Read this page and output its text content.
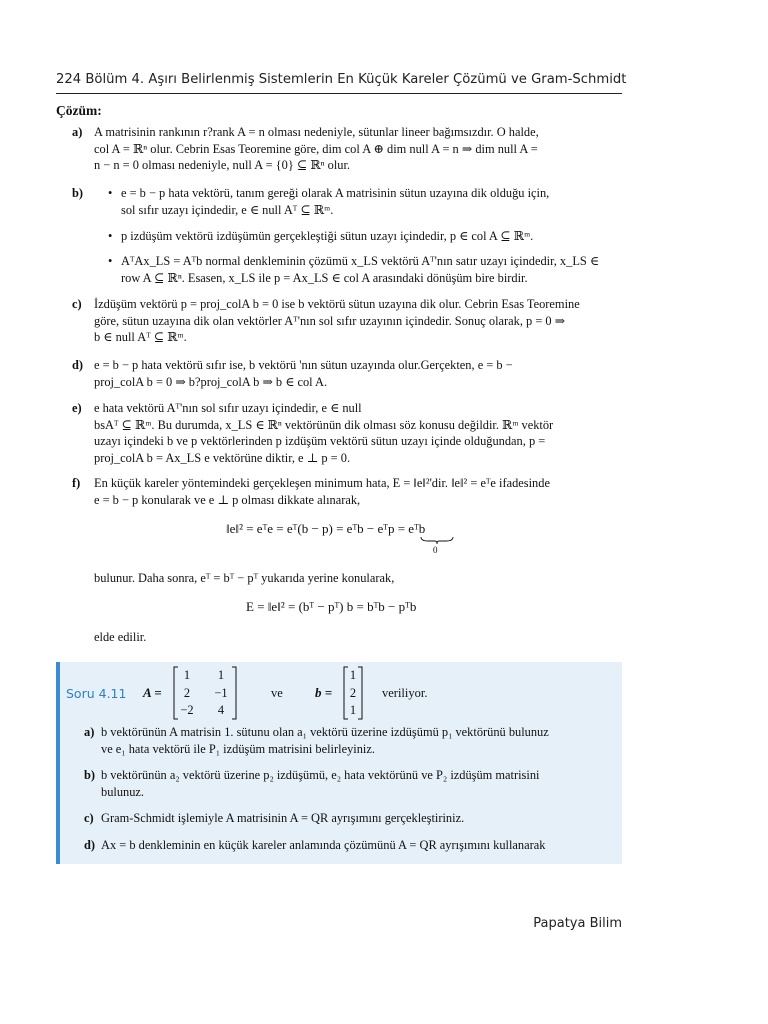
224 Bölüm 4. Aşırı Belirlenmiş Sistemlerin En Küçük Kareler Çözümü ve Gram-Schmidt
Çözüm:
a) A matrisinin rankının r?rank A = n olması nedeniyle, sütunlar lineer bağımsızdır. O halde,
col A = ℝⁿ olur. Cebrin Esas Teoremine göre, dim col A ⊕ dim null A = n ⇒ dim null A =
n − n = 0 olması nedeniyle, null A = {0} ⊆ ℝⁿ olur.
b) • e = b − p hata vektörü, tanım gereği olarak A matrisinin sütun uzayına dik olduğu için,
sol sıfır uzayı içindedir, e ∈ null Aᵀ ⊆ ℝᵐ.
• p izdüşüm vektörü izdüşümün gerçekleştiği sütun uzayı içindedir, p ∈ col A ⊆ ℝᵐ.
• AᵀAx_LS = Aᵀb normal denkleminin çözümü x_LS vektörü Aᵀ'nın satır uzayı içindedir, x_LS ∈
row A ⊆ ℝⁿ. Esasen, x_LS ile p = Ax_LS ∈ col A arasındaki dönüşüm bire birdir.
c) İzdüşüm vektörü p = proj_colA b = 0 ise b vektörü sütun uzayına dik olur. Cebrin Esas Teoremine
göre, sütun uzayına dik olan vektörler Aᵀ'nın sol sıfır uzayının içindedir. Sonuç olarak, p = 0 ⇒
b ∈ null Aᵀ ⊆ ℝᵐ.
d) e = b − p hata vektörü sıfır ise, b vektörü 'nın sütun uzayında olur.Gerçekten, e = b −
proj_colA b = 0 ⇒ b?proj_colA b ⇒ b ∈ col A.
e) e hata vektörü Aᵀ'nın sol sıfır uzayı içindedir, e ∈ null
bsAᵀ ⊆ ℝᵐ. Bu durumda, x_LS ∈ ℝⁿ vektörünün dik olması söz konusu değildir. ℝᵐ vektör
uzayı içindeki b ve p vektörlerinden p izdüşüm vektörü sütun uzayı içinde olduğundan, p =
proj_colA b = Ax_LS e vektörüne diktir, e ⊥ p = 0.
f) En küçük kareler yöntemindeki gerçekleşen minimum hata, E = ‖e‖²'dir. ‖e‖² = eᵀe ifadesinde
e = b − p konularak ve e ⊥ p olması dikkate alınarak,
‖e‖² = eᵀe = eᵀ(b − p) = eᵀb − eᵀp = eᵀb
0
bulunur. Daha sonra, eᵀ = bᵀ − pᵀ yukarıda yerine konularak,
E = ‖e‖² = (bᵀ − pᵀ) b = bᵀb − pᵀb
elde edilir.
Soru 4.11 A =
1	1
2	−1
−2	4
ve b =
1
2
1
veriliyor.
a) b vektörünün A matrisin 1. sütunu olan a₁ vektörü üzerine izdüşümü p₁ vektörünü bulunuz
ve e₁ hata vektörü ile P₁ izdüşüm matrisini belirleyiniz.
b) b vektörünün a₂ vektörü üzerine p₂ izdüşümü, e₂ hata vektörünü ve P₂ izdüşüm matrisini
bulunuz.
c) Gram-Schmidt işlemiyle A matrisinin A = QR ayrışımını gerçekleştiriniz.
d) Ax = b denkleminin en küçük kareler anlamında çözümünü A = QR ayrışımını kullanarak
Papatya Bilim
